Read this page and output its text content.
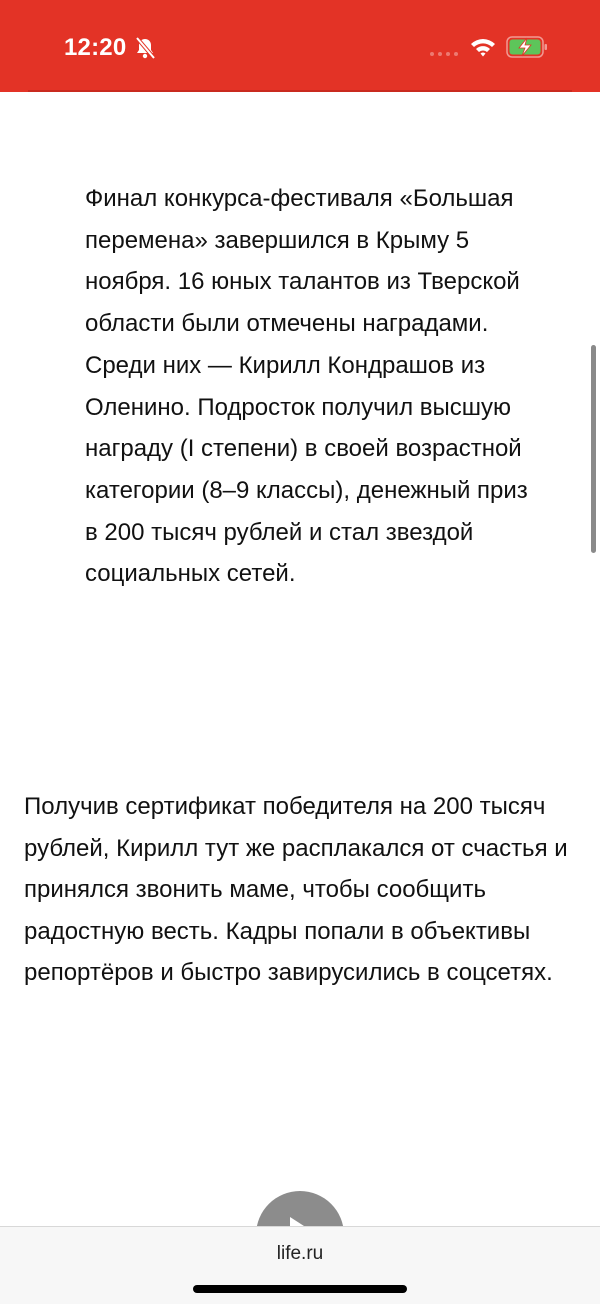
12:20
Финал конкурса-фестиваля «Большая перемена» завершился в Крыму 5 ноября. 16 юных талантов из Тверской области были отмечены наградами. Среди них — Кирилл Кондрашов из Оленино. Подросток получил высшую награду (I степени) в своей возрастной категории (8–9 классы), денежный приз в 200 тысяч рублей и стал звездой социальных сетей.
Получив сертификат победителя на 200 тысяч рублей, Кирилл тут же расплакался от счастья и принялся звонить маме, чтобы сообщить радостную весть. Кадры попали в объективы репортёров и быстро завирусились в соцсетях.
life.ru
